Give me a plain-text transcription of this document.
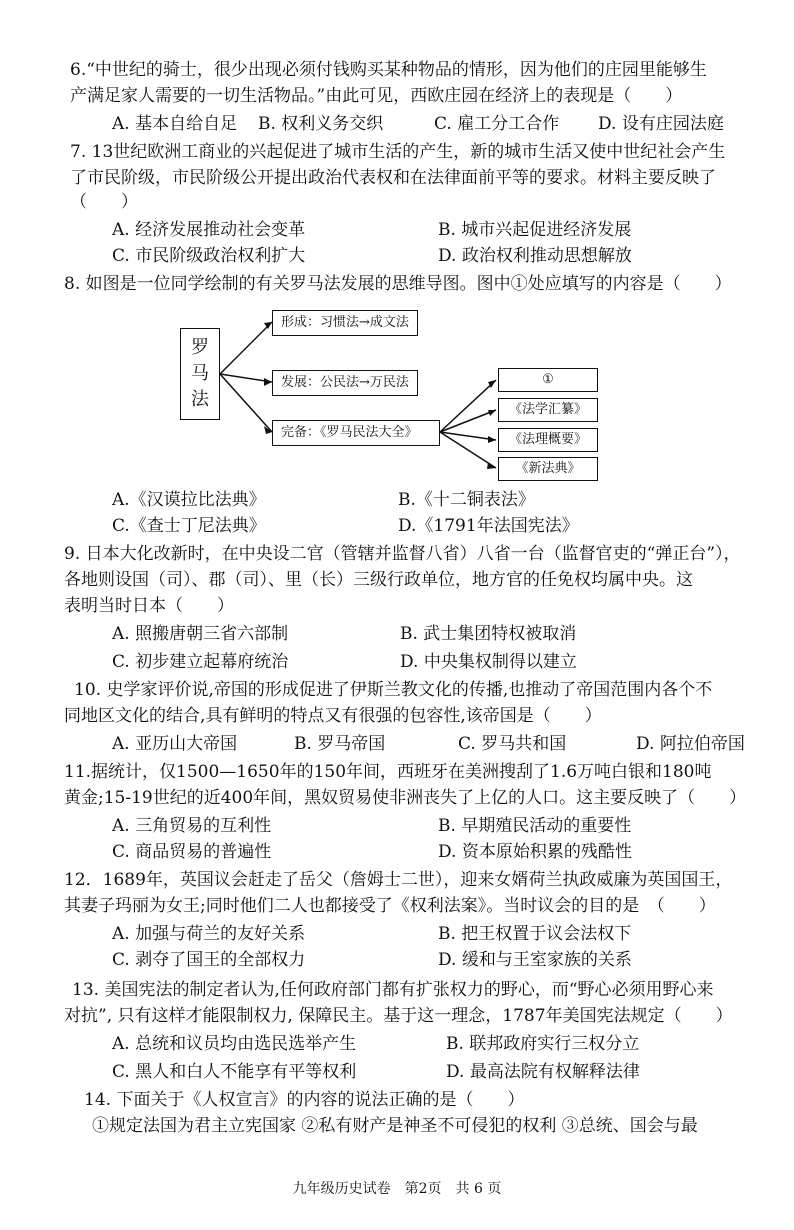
6.“中世纪的骑士，很少出现必须付钱购买某种物品的情形，因为他们的庄园里能够生
产满足家人需要的一切生活物品。”由此可见，西欧庄园在经济上的表现是（　　）
A. 基本自给自足 B. 权利义务交织	C. 雇工分工合作 D. 设有庄园法庭
7. 13世纪欧洲工商业的兴起促进了城市生活的产生，新的城市生活又使中世纪社会产生
了市民阶级，市民阶级公开提出政治代表权和在法律面前平等的要求。材料主要反映了
（　　）
A. 经济发展推动社会变革	B. 城市兴起促进经济发展
C. 市民阶级政治权利扩大	D. 政治权利推动思想解放
8. 如图是一位同学绘制的有关罗马法发展的思维导图。图中①处应填写的内容是（　　）
罗
马
法
形成：习惯法→成文法
发展：公民法→万民法
完备：《罗马民法大全》
①
《法学汇纂》
《法理概要》
《新法典》
A.《汉谟拉比法典》	B.《十二铜表法》
C.《查士丁尼法典》	D.《1791年法国宪法》
9. 日本大化改新时，在中央设二官（管辖并监督八省）八省一台（监督官吏的“弹正台”），
各地则设国（司）、郡（司）、里（长）三级行政单位，地方官的任免权均属中央。这
表明当时日本（　　）
A. 照搬唐朝三省六部制	B. 武士集团特权被取消
C. 初步建立起幕府统治	D. 中央集权制得以建立
10. 史学家评价说,帝国的形成促进了伊斯兰教文化的传播,也推动了帝国范围内各个不
同地区文化的结合,具有鲜明的特点又有很强的包容性,该帝国是（　　）
A. 亚历山大帝国	B. 罗马帝国	C. 罗马共和国	D. 阿拉伯帝国
11.据统计，仅1500—1650年的150年间，西班牙在美洲搜刮了1.6万吨白银和180吨
黄金;15-19世纪的近400年间，黑奴贸易使非洲丧失了上亿的人口。这主要反映了（　　）
A. 三角贸易的互利性	B. 早期殖民活动的重要性
C. 商品贸易的普遍性	D. 资本原始积累的残酷性
12．1689年，英国议会赶走了岳父（詹姆士二世），迎来女婿荷兰执政威廉为英国国王，
其妻子玛丽为女王;同时他们二人也都接受了《权利法案》。当时议会的目的是　（　　）
A. 加强与荷兰的友好关系	B. 把王权置于议会法权下
C. 剥夺了国王的全部权力	D. 缓和与王室家族的关系
13. 美国宪法的制定者认为,任何政府部门都有扩张权力的野心，而“野心必须用野心来
对抗”, 只有这样才能限制权力, 保障民主。基于这一理念，1787年美国宪法规定（　　）
A. 总统和议员均由选民选举产生	B. 联邦政府实行三权分立
C. 黑人和白人不能享有平等权利	D. 最高法院有权解释法律
14. 下面关于《人权宣言》的内容的说法正确的是（　　）
①规定法国为君主立宪国家 ②私有财产是神圣不可侵犯的权利 ③总统、国会与最
九年级历史试卷　第2页　共 6 页
